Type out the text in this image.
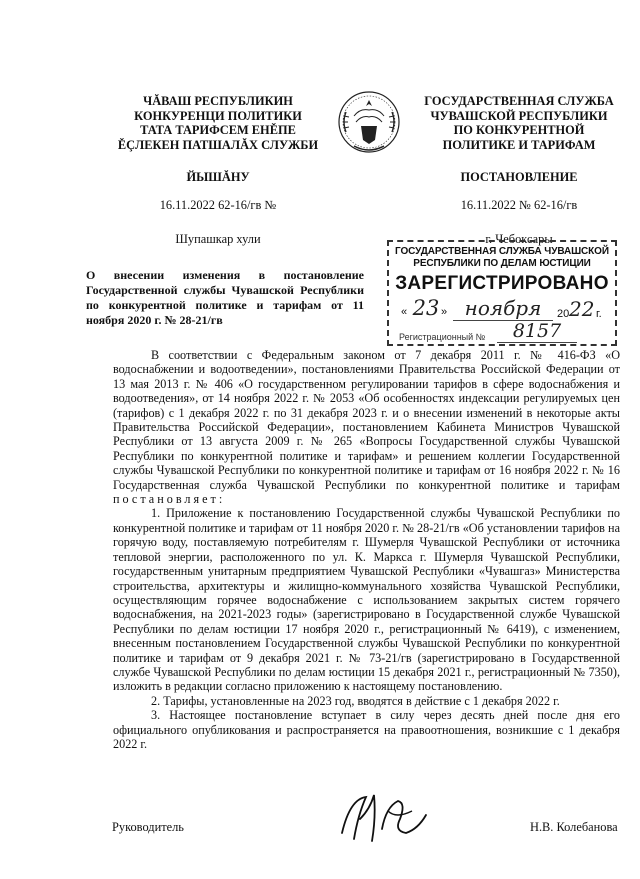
ЧĂВАШ РЕСПУБЛИКИН
КОНКУРЕНЦИ ПОЛИТИКИ
ТАТА ТАРИФСЕМ ЕНĚПЕ
ĚÇЛЕКЕН ПАТШАЛĂХ СЛУЖБИ
ГОСУДАРСТВЕННАЯ СЛУЖБА
ЧУВАШСКОЙ РЕСПУБЛИКИ
ПО КОНКУРЕНТНОЙ
ПОЛИТИКЕ И ТАРИФАМ
ЙЫШĂНУ	ПОСТАНОВЛЕНИЕ
16.11.2022 62-16/гв №	16.11.2022 № 62-16/гв
Шупашкар хули	г. Чебоксары
О внесении изменения в постановление Государственной службы Чувашской Республики по конкурентной политике и тарифам от 11 ноября 2020 г. № 28-21/гв
ГОСУДАРСТВЕННАЯ СЛУЖБА ЧУВАШСКОЙ
РЕСПУБЛИКИ ПО ДЕЛАМ ЮСТИЦИИ
ЗАРЕГИСТРИРОВАНО
« 23 » ноября	20 22 г.
Регистрационный №	8157

В соответствии с Федеральным законом от 7 декабря 2011 г. № 416-ФЗ «О водоснабжении и водоотведении», постановлениями Правительства Российской Федерации от 13 мая 2013 г. № 406 «О государственном регулировании тарифов в сфере водоснабжения и водоотведения», от 14 ноября 2022 г. № 2053 «Об особенностях индексации регулируемых цен (тарифов) с 1 декабря 2022 г. по 31 декабря 2023 г. и о внесении изменений в некоторые акты Правительства Российской Федерации», постановлением Кабинета Министров Чувашской Республики от 13 августа 2009 г. № 265 «Вопросы Государственной службы Чувашской Республики по конкурентной политике и тарифам» и решением коллегии Государственной службы Чувашской Республики по конкурентной политике и тарифам от 16 ноября 2022 г. № 16 Государственная служба Чувашской Республики по конкурентной политике и тарифам постановляет:

1. Приложение к постановлению Государственной службы Чувашской Республики по конкурентной политике и тарифам от 11 ноября 2020 г. № 28-21/гв «Об установлении тарифов на горячую воду, поставляемую потребителям г. Шумерля Чувашской Республики от источника тепловой энергии, расположенного по ул. К. Маркса г. Шумерля Чувашской Республики, государственным унитарным предприятием Чувашской Республики «Чувашгаз» Министерства строительства, архитектуры и жилищно-коммунального хозяйства Чувашской Республики, осуществляющим горячее водоснабжение с использованием закрытых систем горячего водоснабжения, на 2021-2023 годы» (зарегистрировано в Государственной службе Чувашской Республики по делам юстиции 17 ноября 2020 г., регистрационный № 6419), с изменением, внесенным постановлением Государственной службы Чувашской Республики по конкурентной политике и тарифам от 9 декабря 2021 г. № 73-21/гв (зарегистрировано в Государственной службе Чувашской Республики по делам юстиции 15 декабря 2021 г., регистрационный № 7350), изложить в редакции согласно приложению к настоящему постановлению.

2. Тарифы, установленные на 2023 год, вводятся в действие с 1 декабря 2022 г.

3. Настоящее постановление вступает в силу через десять дней после дня его официального опубликования и распространяется на правоотношения, возникшие с 1 декабря 2022 г.

Руководитель	Н.В. Колебанова
